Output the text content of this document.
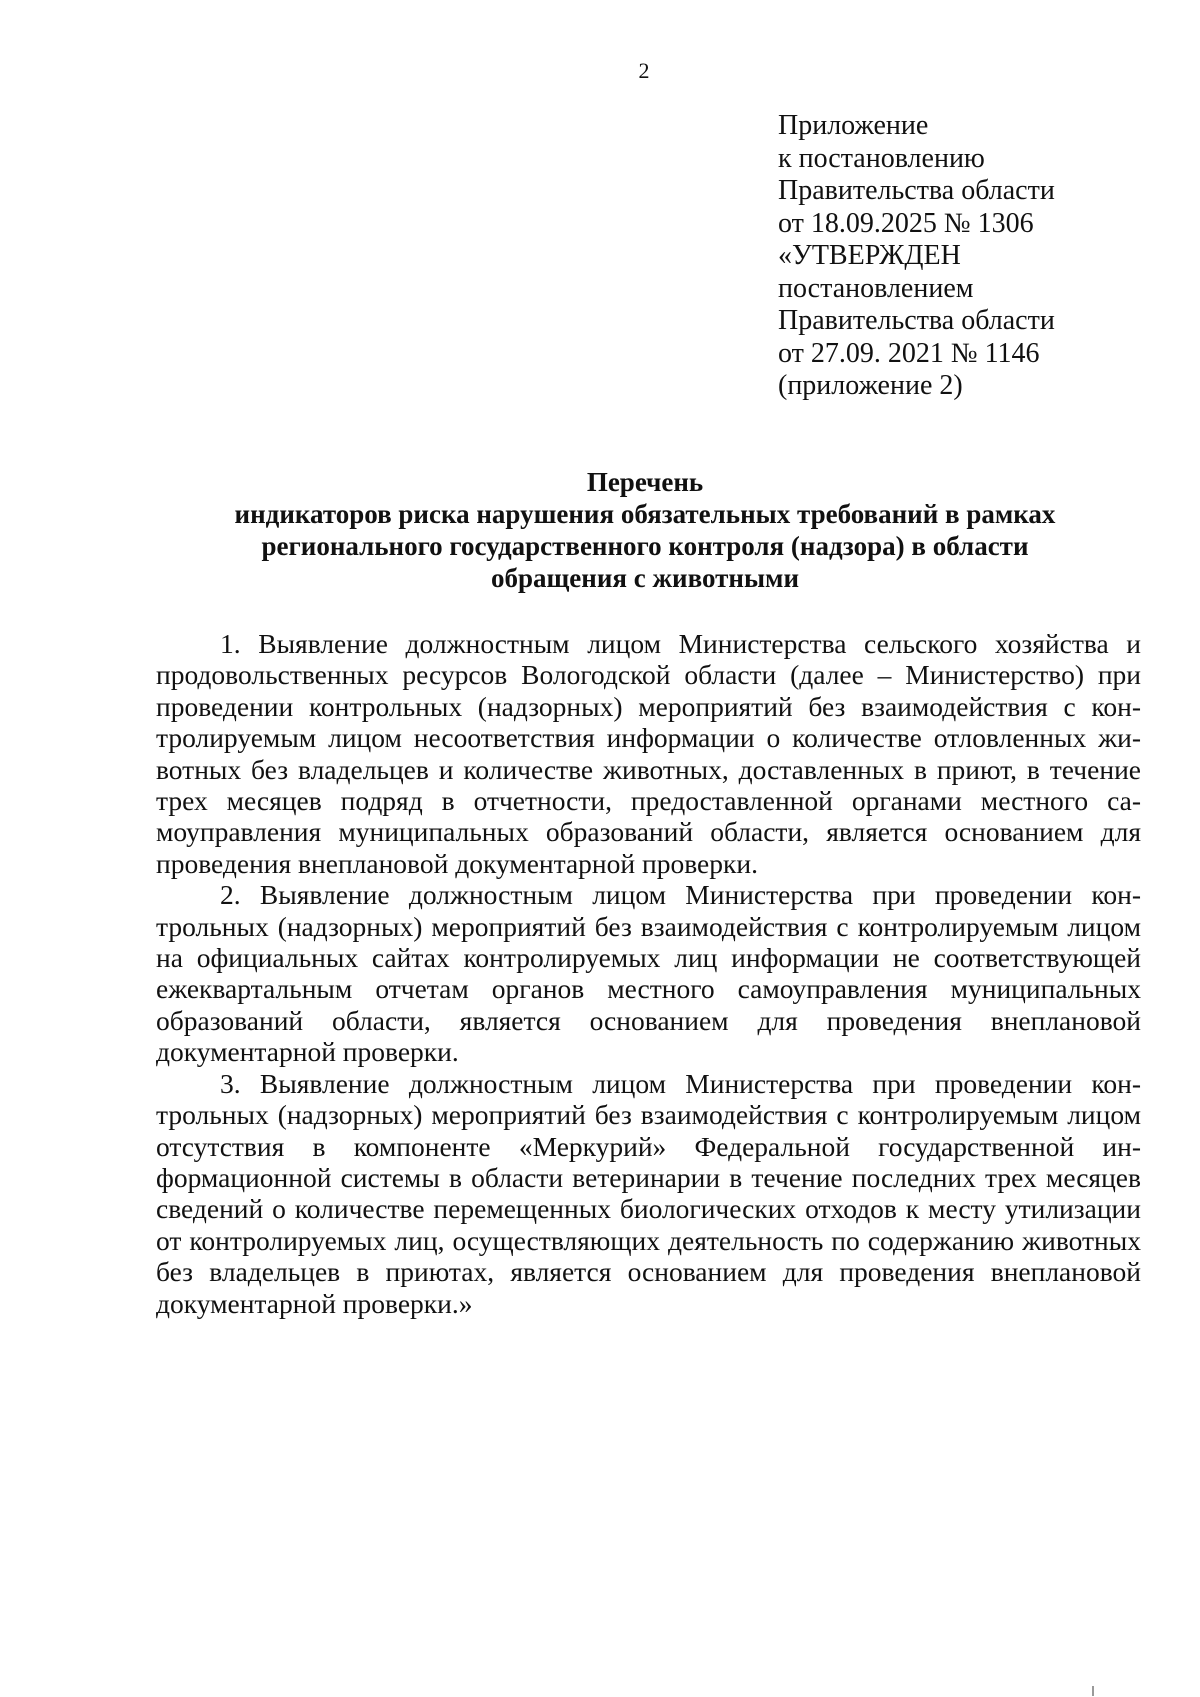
2
Приложение
к постановлению
Правительства области
от 18.09.2025 № 1306
«УТВЕРЖДЕН
постановлением
Правительства области
от 27.09. 2021 № 1146
(приложение 2)
Перечень
индикаторов риска нарушения обязательных требований в рамках
регионального государственного контроля (надзора) в области
обращения с животными

1. Выявление должностным лицом Министерства сельского хозяйства и продовольственных ресурсов Вологодской области (далее – Министерство) при проведении контрольных (надзорных) мероприятий без взаимодействия с контролируемым лицом несоответствия информации о количестве отловленных животных без владельцев и количестве животных, доставленных в приют, в течение трех месяцев подряд в отчетности, предоставленной органами местного самоуправления муниципальных образований области, является основанием для проведения внеплановой документарной проверки.

2. Выявление должностным лицом Министерства при проведении контрольных (надзорных) мероприятий без взаимодействия с контролируемым лицом на официальных сайтах контролируемых лиц информации не соответствующей ежеквартальным отчетам органов местного самоуправления муниципальных образований области, является основанием для проведения внеплановой документарной проверки.

3. Выявление должностным лицом Министерства при проведении контрольных (надзорных) мероприятий без взаимодействия с контролируемым лицом отсутствия в компоненте «Меркурий» Федеральной государственной информационной системы в области ветеринарии в течение последних трех месяцев сведений о количестве перемещенных биологических отходов к месту утилизации от контролируемых лиц, осуществляющих деятельность по содержанию животных без владельцев в приютах, является основанием для проведения внеплановой документарной проверки.»
